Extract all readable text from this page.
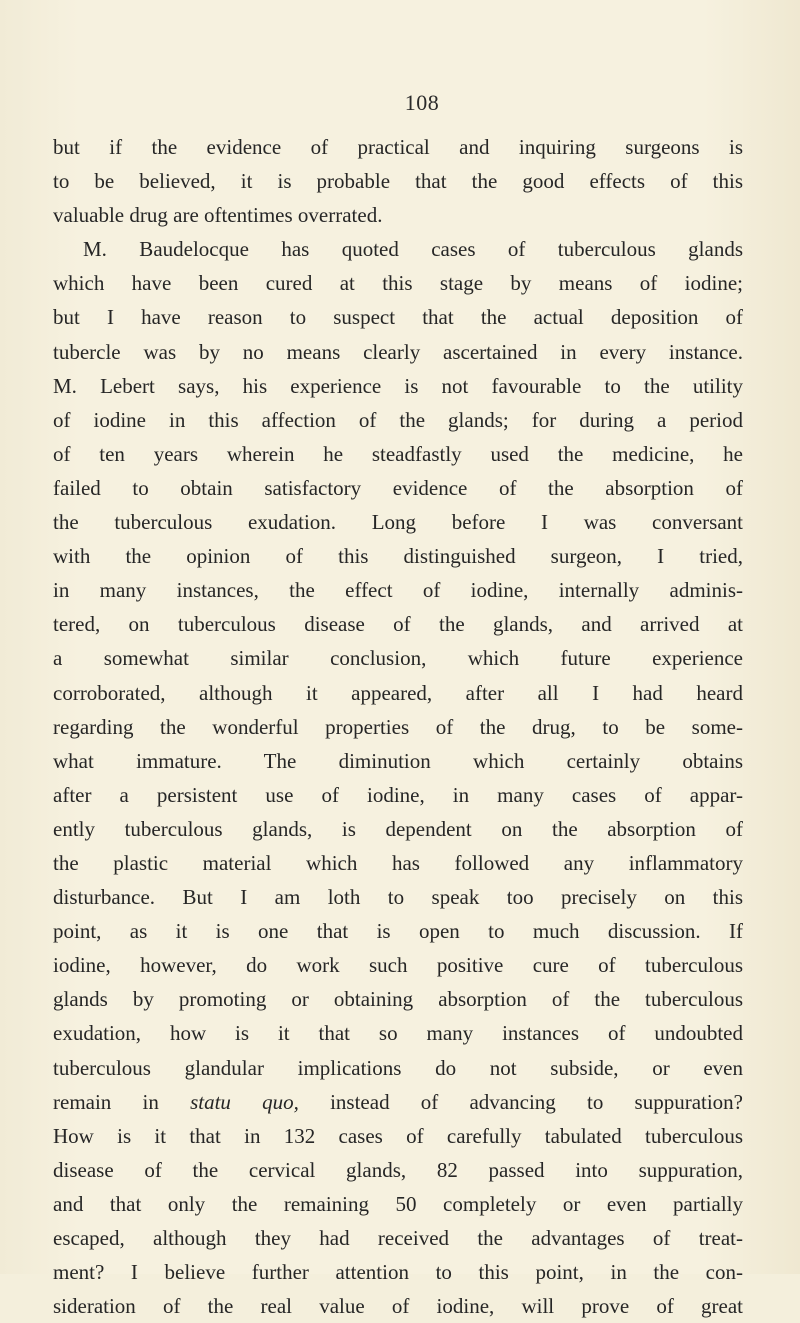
108
but if the evidence of practical and inquiring surgeons is
to be believed, it is probable that the good effects of this
valuable drug are oftentimes overrated.
M. Baudelocque has quoted cases of tuberculous glands
which have been cured at this stage by means of iodine;
but I have reason to suspect that the actual deposition of
tubercle was by no means clearly ascertained in every instance.
M. Lebert says, his experience is not favourable to the utility
of iodine in this affection of the glands; for during a period
of ten years wherein he steadfastly used the medicine, he
failed to obtain satisfactory evidence of the absorption of
the tuberculous exudation. Long before I was conversant
with the opinion of this distinguished surgeon, I tried,
in many instances, the effect of iodine, internally adminis-
tered, on tuberculous disease of the glands, and arrived at
a somewhat similar conclusion, which future experience
corroborated, although it appeared, after all I had heard
regarding the wonderful properties of the drug, to be some-
what immature. The diminution which certainly obtains
after a persistent use of iodine, in many cases of appar-
ently tuberculous glands, is dependent on the absorption of
the plastic material which has followed any inflammatory
disturbance. But I am loth to speak too precisely on this
point, as it is one that is open to much discussion. If
iodine, however, do work such positive cure of tuberculous
glands by promoting or obtaining absorption of the tuberculous
exudation, how is it that so many instances of undoubted
tuberculous glandular implications do not subside, or even
remain in statu quo, instead of advancing to suppuration?
How is it that in 132 cases of carefully tabulated tuberculous
disease of the cervical glands, 82 passed into suppuration,
and that only the remaining 50 completely or even partially
escaped, although they had received the advantages of treat-
ment? I believe further attention to this point, in the con-
sideration of the real value of iodine, will prove of great
